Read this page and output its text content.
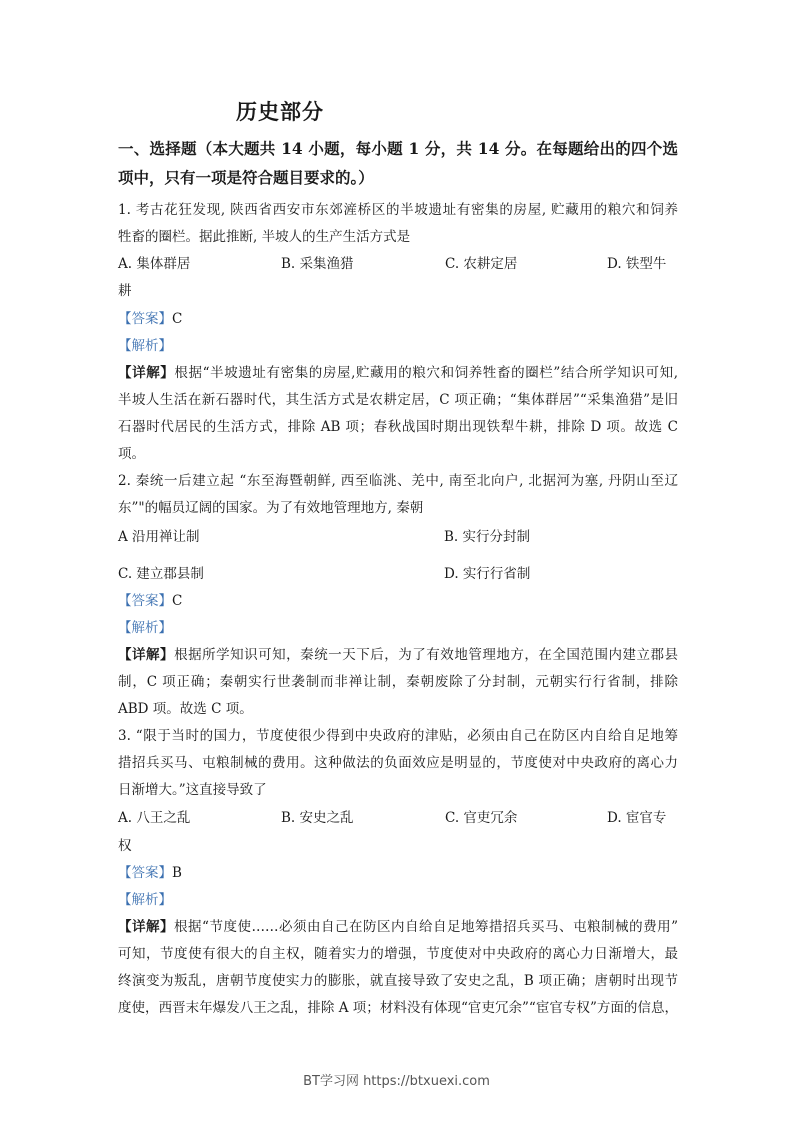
历史部分
一、选择题（本大题共 14 小题，每小题 1 分，共 14 分。在每题给出的四个选
项中，只有一项是符合题目要求的。）
1. 考古花狂发现, 陕西省西安市东郊滻桥区的半坡遗址有密集的房屋, 贮藏用的粮穴和饲养
牲畜的圈栏。据此推断, 半坡人的生产生活方式是
A. 集体群居	B. 采集渔猎	C. 农耕定居	D. 铁型牛
耕
【答案】C
【解析】
【详解】根据“半坡遗址有密集的房屋,贮藏用的粮穴和饲养牲畜的圈栏”结合所学知识可知,
半坡人生活在新石器时代，其生活方式是农耕定居，C 项正确；“集体群居”“采集渔猎”是旧
石器时代居民的生活方式，排除 AB 项；春秋战国时期出现铁犁牛耕，排除 D 项。故选 C
项。
2. 秦统一后建立起 “东至海暨朝鲜, 西至临洮、羌中, 南至北向户, 北据河为塞, 丹阴山至辽
东”"的幅员辽阔的国家。为了有效地管理地方, 秦朝
A 沿用禅让制	B. 实行分封制
C. 建立郡县制	D. 实行行省制
【答案】C
【解析】
【详解】根据所学知识可知，秦统一天下后，为了有效地管理地方，在全国范围内建立郡县
制，C 项正确；秦朝实行世袭制而非禅让制，秦朝废除了分封制，元朝实行行省制，排除
ABD 项。故选 C 项。
3. “限于当时的国力，节度使很少得到中央政府的津贴，必须由自己在防区内自给自足地筹
措招兵买马、屯粮制械的费用。这种做法的负面效应是明显的，节度使对中央政府的离心力
日渐增大。”这直接导致了
A. 八王之乱	B. 安史之乱	C. 官吏冗余	D. 宦官专
权
【答案】B
【解析】
【详解】根据“节度使……必须由自己在防区内自给自足地筹措招兵买马、屯粮制械的费用”
可知，节度使有很大的自主权，随着实力的增强，节度使对中央政府的离心力日渐增大，最
终演变为叛乱，唐朝节度使实力的膨胀，就直接导致了安史之乱，B 项正确；唐朝时出现节
度使，西晋末年爆发八王之乱，排除 A 项；材料没有体现“官吏冗余”“宦官专权”方面的信息，
BT学习网 https://btxuexi.com
